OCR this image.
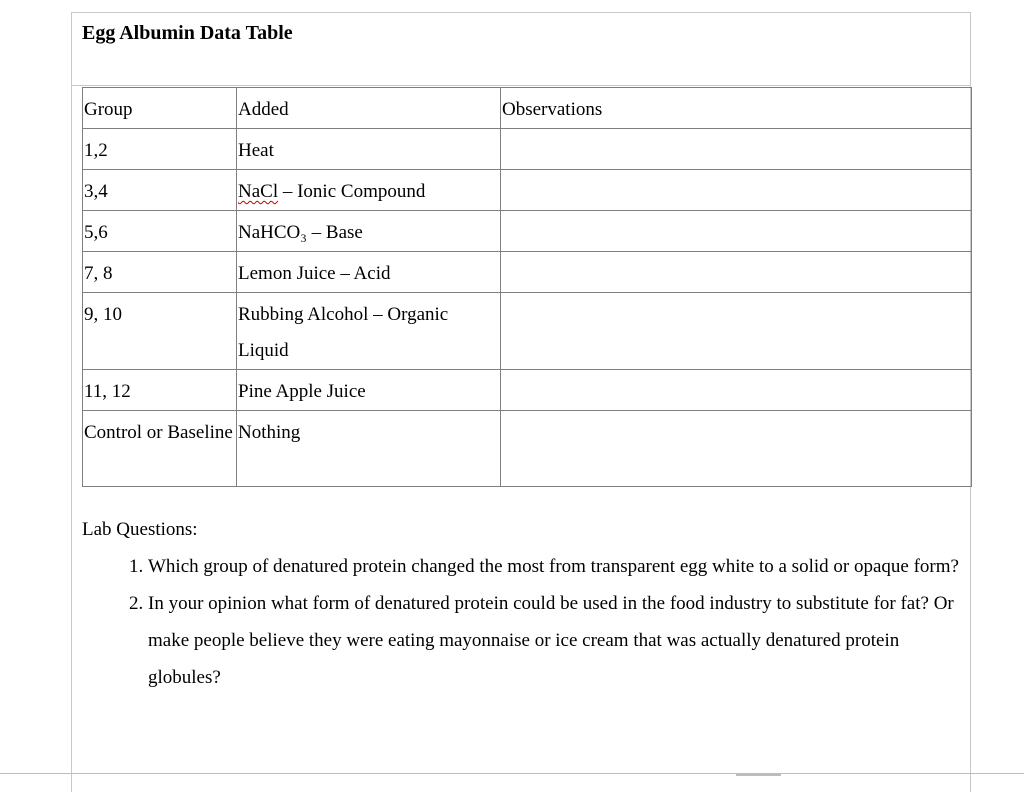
Egg Albumin Data Table
Group	Added	Observations
1,2	Heat	
3,4	NaCl – Ionic Compound	
5,6	NaHCO₃ – Base	
7, 8	Lemon Juice – Acid	
9, 10	Rubbing Alcohol – Organic Liquid	
11, 12	Pine Apple Juice	
Control or Baseline	Nothing	

Lab Questions:

1. Which group of denatured protein changed the most from transparent egg white to a solid or opaque form?
2. In your opinion what form of denatured protein could be used in the food industry to substitute for fat? Or make people believe they were eating mayonnaise or ice cream that was actually denatured protein globules?
